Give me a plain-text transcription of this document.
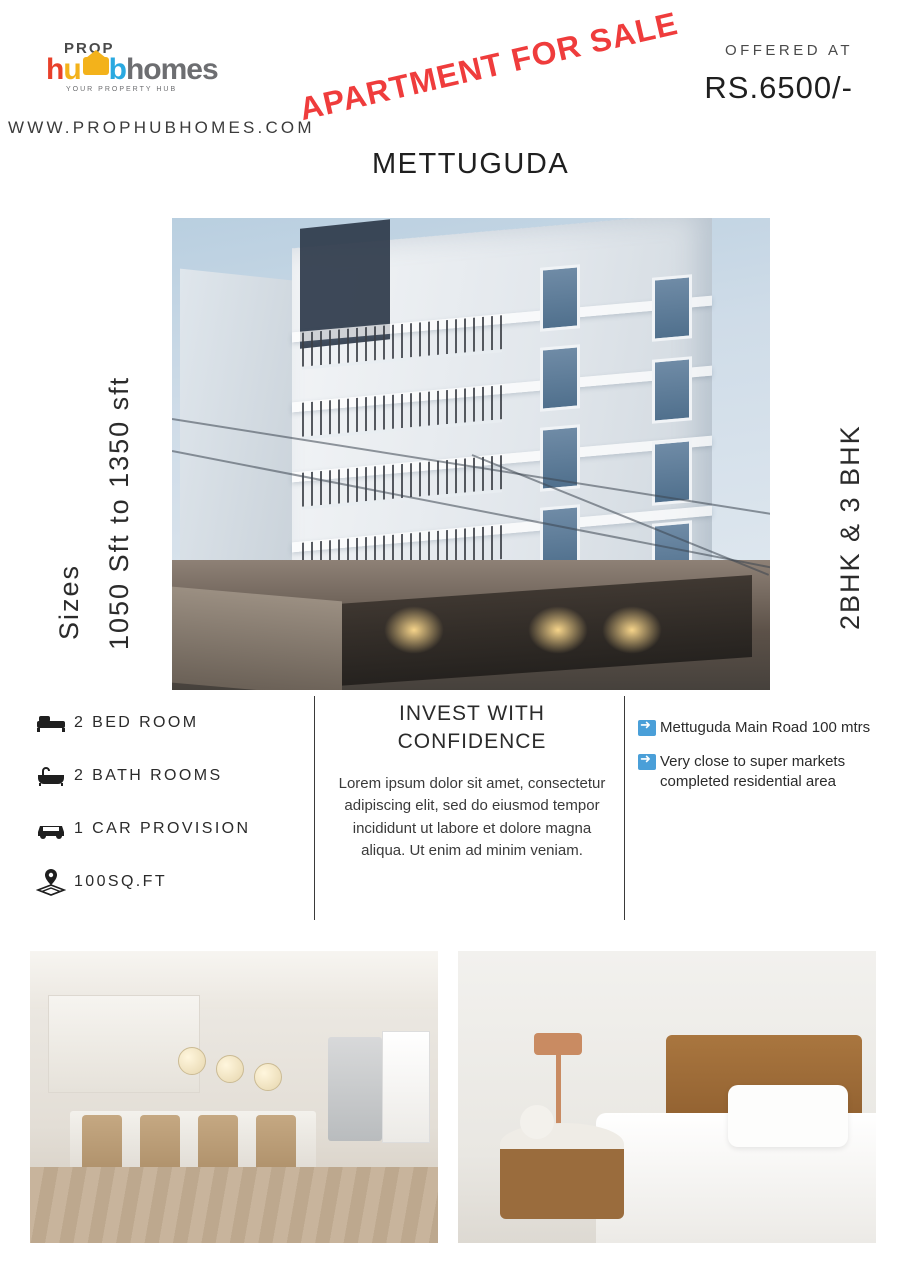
PROP
hu bhomes
YOUR PROPERTY HUB
WWW.PROPHUBHOMES.COM
OFFERED AT
RS.6500/-
APARTMENT FOR SALE
METTUGUDA
Sizes 1050 Sft to 1350 sft	2BHK & 3 BHK
2 BED ROOM
2 BATH ROOMS
1 CAR PROVISION
100SQ.FT
INVEST WITH
CONFIDENCE

Lorem ipsum dolor sit amet, consectetur adipiscing elit, sed do eiusmod tempor incididunt ut labore et dolore magna aliqua. Ut enim ad minim veniam.

➜
Mettuguda Main Road 100 mtrs
➜
Very close to super markets completed residential area
